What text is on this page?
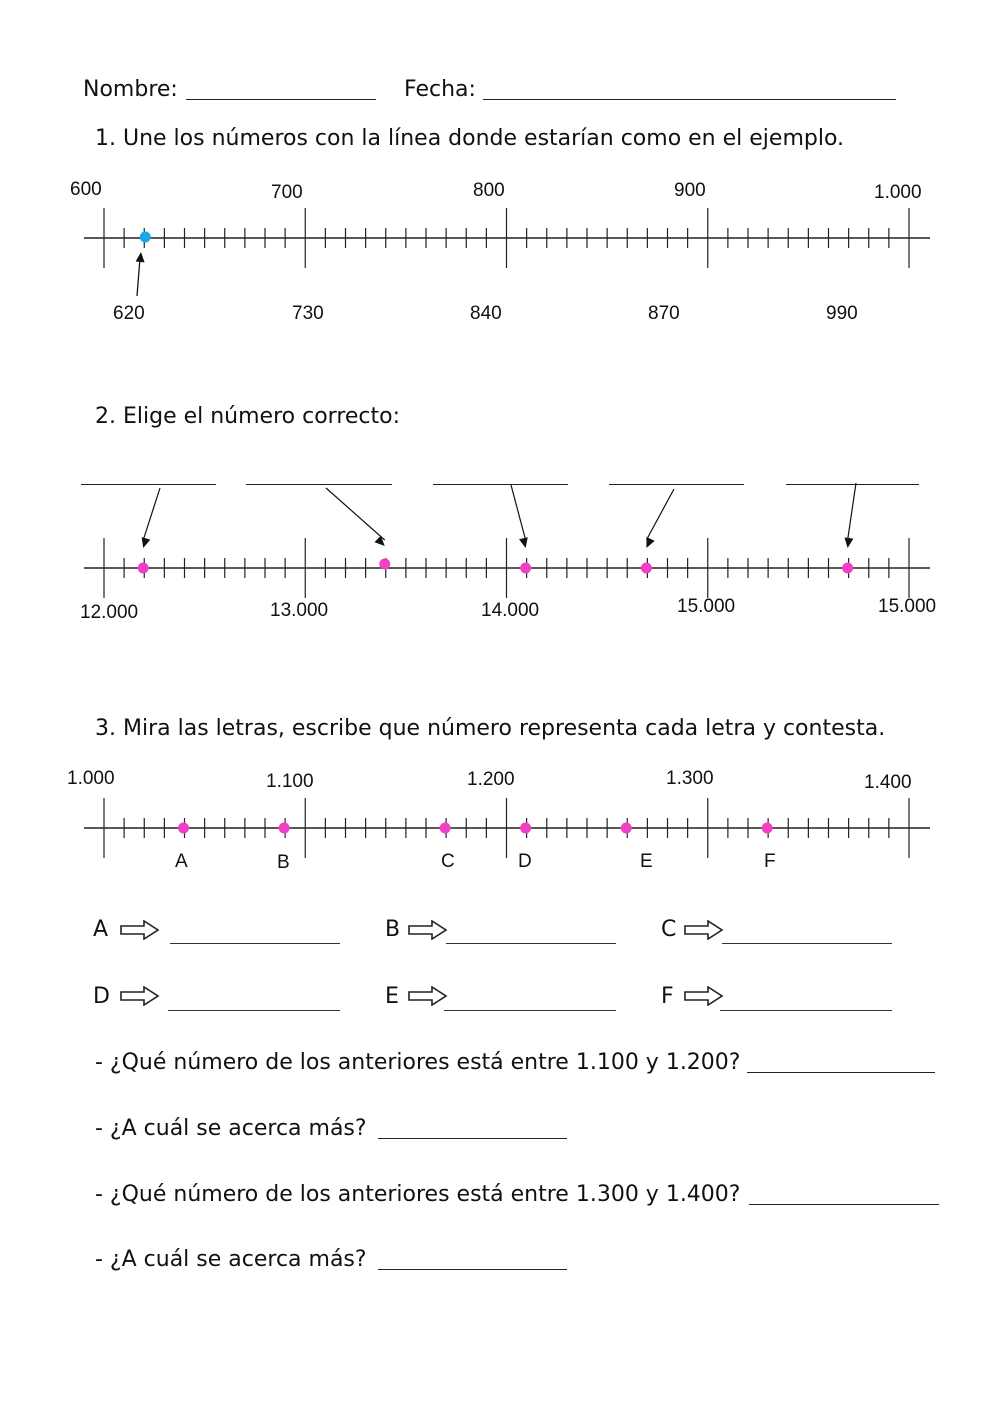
Nombre:	Fecha:
1. Une los números con la línea donde estarían como en el ejemplo.
600	700	800	900	1.000
620	730	840	870	990
2. Elige el número correcto:
12.000	13.000	14.000	15.000	15.000
3. Mira las letras, escribe que número representa cada letra y contesta.
1.000	1.100	1.200	1.300	1.400
A	B	C	D	E	F
A	B	C
D	E	F
- ¿Qué número de los anteriores está entre 1.100 y 1.200?
- ¿A cuál se acerca más?
- ¿Qué número de los anteriores está entre 1.300 y 1.400?
- ¿A cuál se acerca más?
